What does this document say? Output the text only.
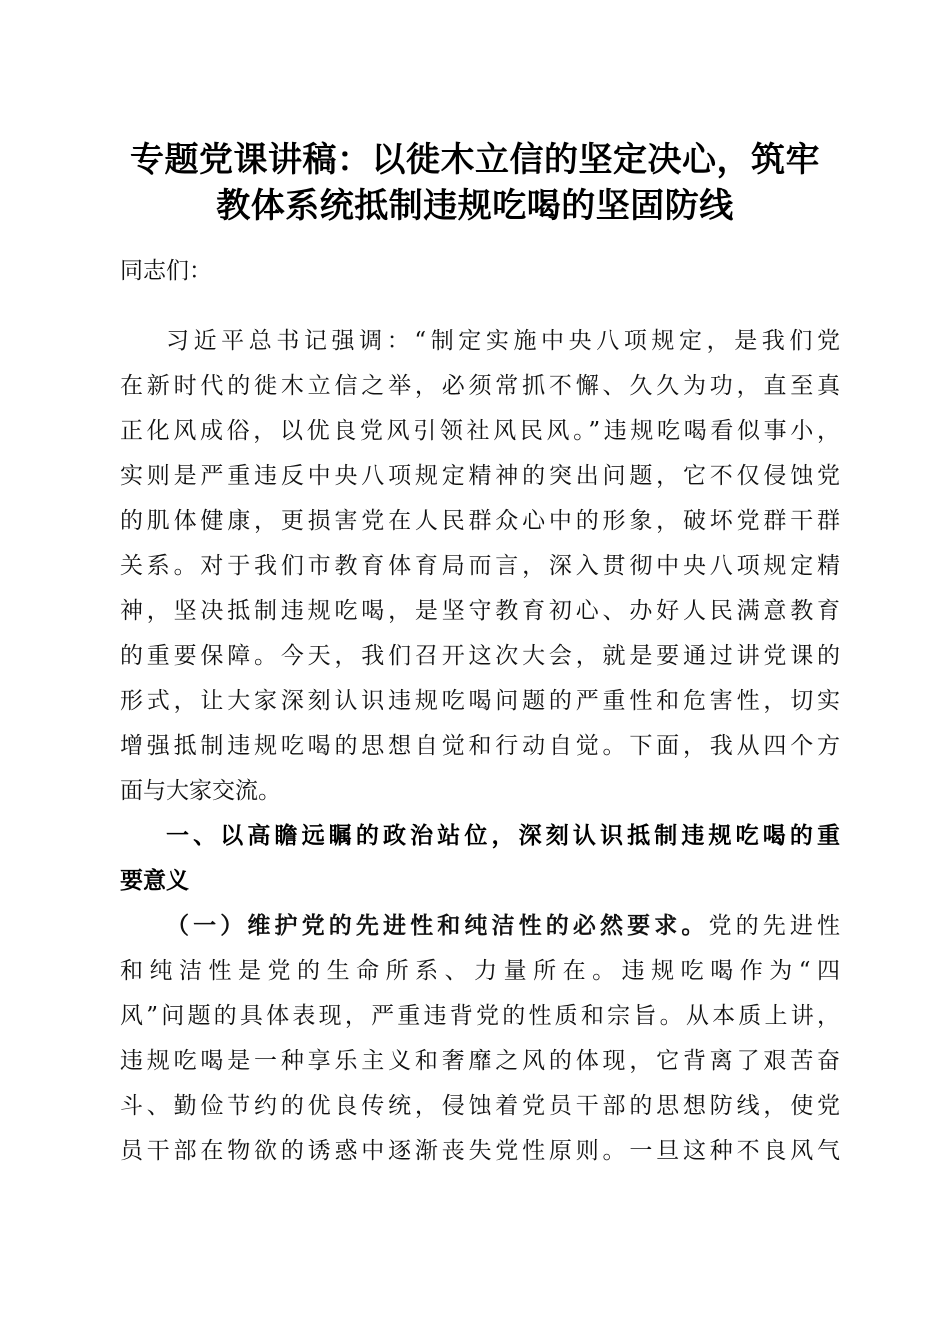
专题党课讲稿：以徙木立信的坚定决心，筑牢
教体系统抵制违规吃喝的坚固防线
同志们：
习近平总书记强调：“制定实施中央八项规定，是我们党
在新时代的徙木立信之举，必须常抓不懈、久久为功，直至真
正化风成俗，以优良党风引领社风民风。”违规吃喝看似事小，
实则是严重违反中央八项规定精神的突出问题，它不仅侵蚀党
的肌体健康，更损害党在人民群众心中的形象，破坏党群干群
关系。对于我们市教育体育局而言，深入贯彻中央八项规定精
神，坚决抵制违规吃喝，是坚守教育初心、办好人民满意教育
的重要保障。今天，我们召开这次大会，就是要通过讲党课的
形式，让大家深刻认识违规吃喝问题的严重性和危害性，切实
增强抵制违规吃喝的思想自觉和行动自觉。下面，我从四个方
面与大家交流。
一、以高瞻远瞩的政治站位，深刻认识抵制违规吃喝的重
要意义
（一）维护党的先进性和纯洁性的必然要求。党的先进性
和纯洁性是党的生命所系、力量所在。违规吃喝作为“四
风”问题的具体表现，严重违背党的性质和宗旨。从本质上讲，
违规吃喝是一种享乐主义和奢靡之风的体现，它背离了艰苦奋
斗、勤俭节约的优良传统，侵蚀着党员干部的思想防线，使党
员干部在物欲的诱惑中逐渐丧失党性原则。一旦这种不良风气
